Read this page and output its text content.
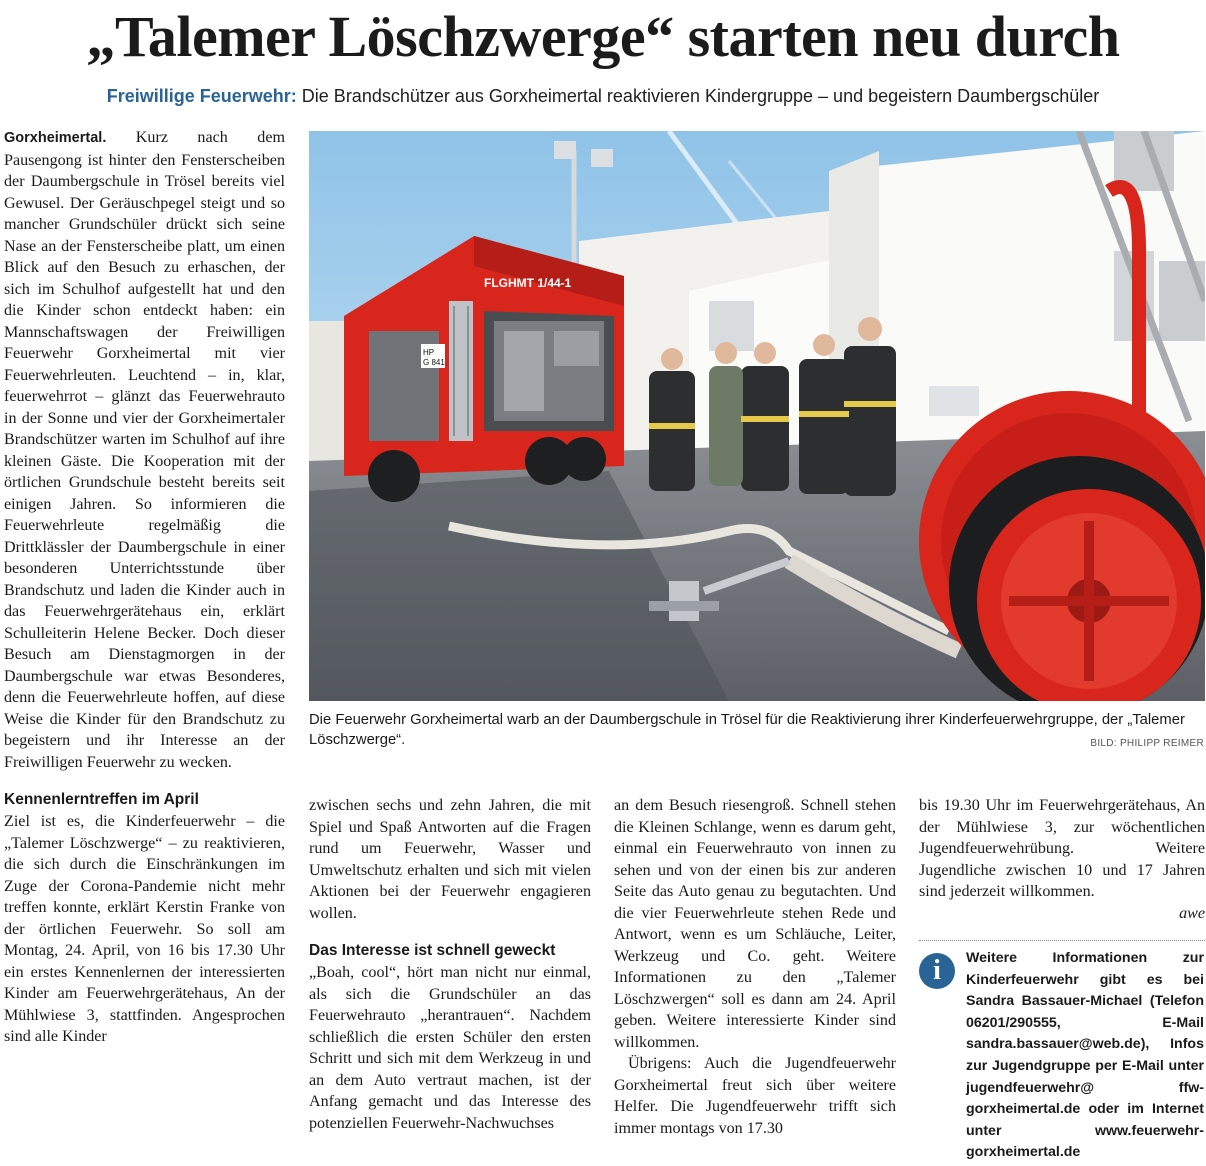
„Talemer Löschzwerge“ starten neu durch
Freiwillige Feuerwehr: Die Brandschützer aus Gorxheimertal reaktivieren Kindergruppe – und begeistern Daumbergschüler

Gorxheimertal. Kurz nach dem Pausengong ist hinter den Fensterscheiben der Daumbergschule in Trösel bereits viel Gewusel. Der Geräuschpegel steigt und so mancher Grundschüler drückt sich seine Nase an der Fensterscheibe platt, um einen Blick auf den Besuch zu erhaschen, der sich im Schulhof aufgestellt hat und den die Kinder schon entdeckt haben: ein Mannschaftswagen der Freiwilligen Feuerwehr Gorxheimertal mit vier Feuerwehrleuten. Leuchtend – in, klar, feuerwehrrot – glänzt das Feuerwehrauto in der Sonne und vier der Gorxheimertaler Brandschützer warten im Schulhof auf ihre kleinen Gäste. Die Kooperation mit der örtlichen Grundschule besteht bereits seit einigen Jahren. So informieren die Feuerwehrleute regelmäßig die Drittklässler der Daumbergschule in einer besonderen Unterrichtsstunde über Brandschutz und laden die Kinder auch in das Feuerwehrgerätehaus ein, erklärt Schulleiterin Helene Becker. Doch dieser Besuch am Dienstagmorgen in der Daumbergschule war etwas Besonderes, denn die Feuerwehrleute hoffen, auf diese Weise die Kinder für den Brandschutz zu begeistern und ihr Interesse an der Freiwilligen Feuerwehr zu wecken.

Kennenlerntreffen im April

Ziel ist es, die Kinderfeuerwehr – die „Talemer Löschzwerge“ – zu reaktivieren, die sich durch die Einschränkungen im Zuge der Corona-Pandemie nicht mehr treffen konnte, erklärt Kerstin Franke von der örtlichen Feuerwehr. So soll am Montag, 24. April, von 16 bis 17.30 Uhr ein erstes Kennenlernen der interessierten Kinder am Feuerwehrgerätehaus, An der Mühlwiese 3, stattfinden. Angesprochen sind alle Kinder

FLGHMT 1/44-1
HP
G 841
Die Feuerwehr Gorxheimertal warb an der Daumbergschule in Trösel für die Reaktivierung ihrer Kinderfeuerwehrgruppe, der „Talemer Löschzwerge“.	BILD: PHILIPP REIMER

zwischen sechs und zehn Jahren, die mit Spiel und Spaß Antworten auf die Fragen rund um Feuerwehr, Wasser und Umweltschutz erhalten und sich mit vielen Aktionen bei der Feuerwehr engagieren wollen.

Das Interesse ist schnell geweckt

„Boah, cool“, hört man nicht nur einmal, als sich die Grundschüler an das Feuerwehrauto „herantrauen“. Nachdem schließlich die ersten Schüler den ersten Schritt und sich mit dem Werkzeug in und an dem Auto vertraut machen, ist der Anfang gemacht und das Interesse des potenziellen Feuerwehr-Nachwuchses

an dem Besuch riesengroß. Schnell stehen die Kleinen Schlange, wenn es darum geht, einmal ein Feuerwehrauto von innen zu sehen und von der einen bis zur anderen Seite das Auto genau zu begutachten. Und die vier Feuerwehrleute stehen Rede und Antwort, wenn es um Schläuche, Leiter, Werkzeug und Co. geht. Weitere Informationen zu den „Talemer Löschzwergen“ soll es dann am 24. April geben. Weitere interessierte Kinder sind willkommen.

Übrigens: Auch die Jugendfeuerwehr Gorxheimertal freut sich über weitere Helfer. Die Jugendfeuerwehr trifft sich immer montags von 17.30

bis 19.30 Uhr im Feuerwehrgerätehaus, An der Mühlwiese 3, zur wöchentlichen Jugendfeuerwehrübung. Weitere Jugendliche zwischen 10 und 17 Jahren sind jederzeit willkommen.

awe

i	Weitere Informationen zur Kinderfeuerwehr gibt es bei Sandra Bassauer-Michael (Telefon 06201/290555, E-Mail sandra.bassauer@web.de), Infos zur Jugendgruppe per E-Mail unter jugendfeuerwehr@ ffw-gorxheimertal.de oder im Internet unter www.feuerwehr-gorxheimertal.de
